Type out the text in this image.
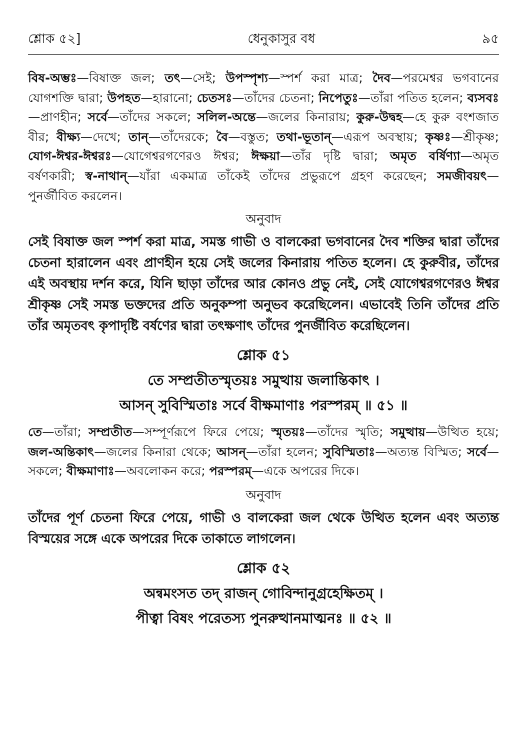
শ্লোক ৫২]	ধেনুকাসুর বধ	৯৫

বিষ-অম্ভঃ—বিষাক্ত জল; তৎ—সেই; উপস্পৃশ্য—স্পর্শ করা মাত্র; দৈব—পরমেশ্বর ভগবানের যোগশক্তি দ্বারা; উপহত—হারানো; চেতসঃ—তাঁদের চেতনা; নিপেতুঃ—তাঁরা পতিত হলেন; ব্যসবঃ—প্রাণহীন; সর্বে—তাঁদের সকলে; সলিল-অন্তে—জলের কিনারায়; কুরু-উদ্বহ—হে কুরু বংশজাত বীর; বীক্ষ্য—দেখে; তান্—তাঁদেরকে; বৈ—বস্তুত; তথা-ভূতান্—এরূপ অবস্থায়; কৃষ্ণঃ—শ্রীকৃষ্ণ; যোগ-ঈশ্বর-ঈশ্বরঃ—যোগেশ্বরগণেরও ঈশ্বর; ঈক্ষয়া—তাঁর দৃষ্টি দ্বারা; অমৃত বর্ষিণ্যা—অমৃত বর্ষণকারী; স্ব-নাথান্—যাঁরা একমাত্র তাঁকেই তাঁদের প্রভুরূপে গ্রহণ করেছেন; সমজীবয়ৎ—পুনর্জীবিত করলেন।

অনুবাদ

সেই বিষাক্ত জল স্পর্শ করা মাত্র, সমস্ত গাভী ও বালকেরা ভগবানের দৈব শক্তির দ্বারা তাঁদের চেতনা হারালেন এবং প্রাণহীন হয়ে সেই জলের কিনারায় পতিত হলেন। হে কুরুবীর, তাঁদের এই অবস্থায় দর্শন করে, যিনি ছাড়া তাঁদের আর কোনও প্রভু নেই, সেই যোগেশ্বরগণেরও ঈশ্বর শ্রীকৃষ্ণ সেই সমস্ত ভক্তদের প্রতি অনুকম্পা অনুভব করেছিলেন। এভাবেই তিনি তাঁদের প্রতি তাঁর অমৃতবৎ কৃপাদৃষ্টি বর্ষণের দ্বারা তৎক্ষণাৎ তাঁদের পুনর্জীবিত করেছিলেন।

শ্লোক ৫১

তে সম্প্রতীতস্মৃতয়ঃ সমুত্থায় জলান্তিকাৎ ।

আসন্ সুবিস্মিতাঃ সর্বে বীক্ষমাণাঃ পরস্পরম্ ॥ ৫১ ॥

তে—তাঁরা; সম্প্রতীত—সম্পূর্ণরূপে ফিরে পেয়ে; স্মৃতয়ঃ—তাঁদের স্মৃতি; সমুত্থায়—উত্থিত হয়ে; জল-অন্তিকাৎ—জলের কিনারা থেকে; আসন্—তাঁরা হলেন; সুবিস্মিতাঃ—অত্যন্ত বিস্মিত; সর্বে—সকলে; বীক্ষমাণাঃ—অবলোকন করে; পরস্পরম্—একে অপরের দিকে।

অনুবাদ

তাঁদের পূর্ণ চেতনা ফিরে পেয়ে, গাভী ও বালকেরা জল থেকে উত্থিত হলেন এবং অত্যন্ত বিস্ময়ের সঙ্গে একে অপরের দিকে তাকাতে লাগলেন।

শ্লোক ৫২

অন্বমংসত তদ্ রাজন্ গোবিন্দানুগ্রহেক্ষিতম্ ।

পীত্বা বিষং পরেতস্য পুনরুত্থানমাত্মনঃ ॥ ৫২ ॥
